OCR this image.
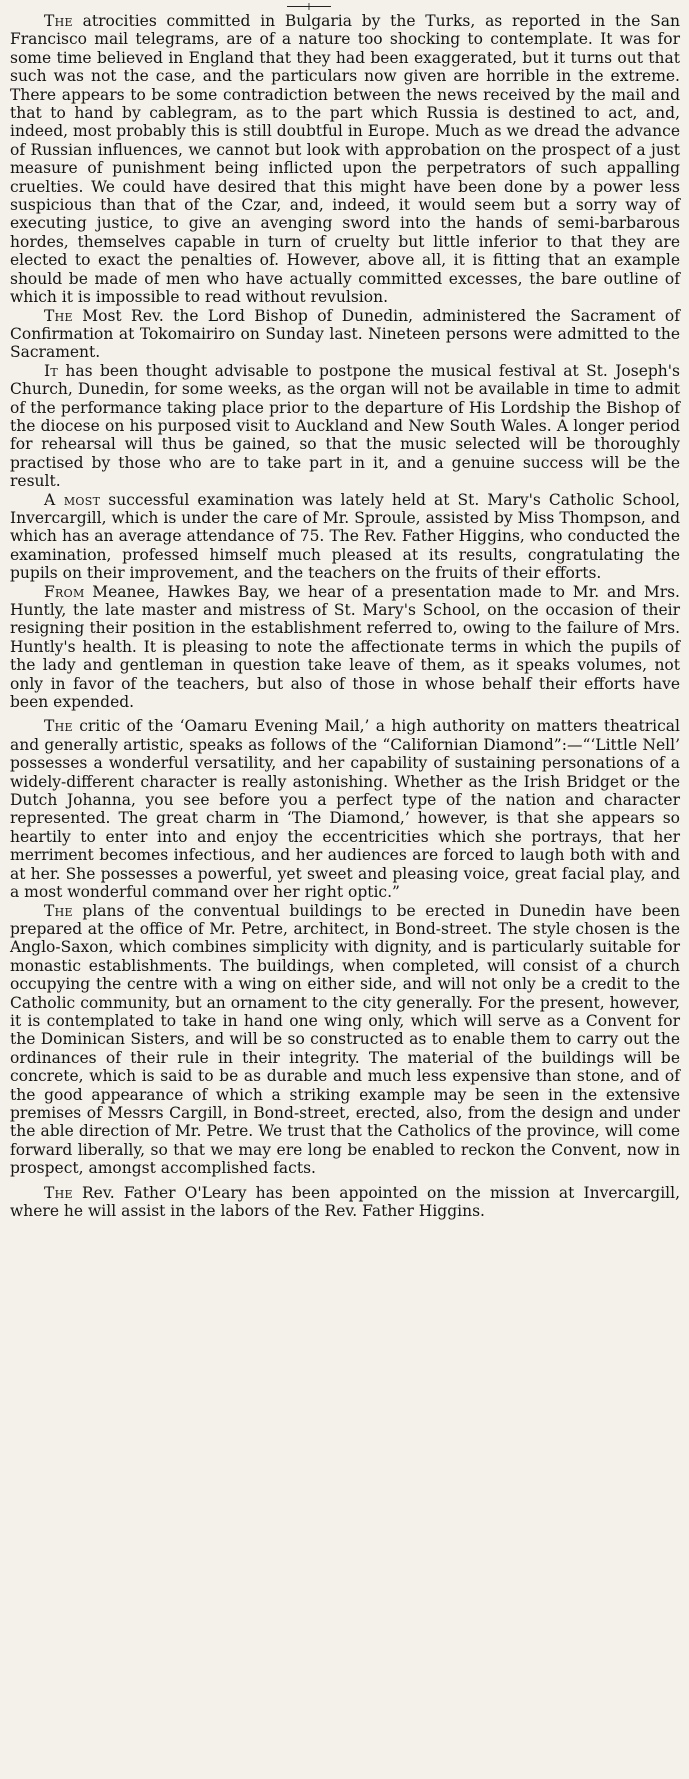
+

The atrocities committed in Bulgaria by the Turks, as reported in the San Francisco mail telegrams, are of a nature too shocking to contemplate. It was for some time believed in England that they had been exaggerated, but it turns out that such was not the case, and the particulars now given are horrible in the extreme. There appears to be some contradiction between the news received by the mail and that to hand by cablegram, as to the part which Russia is destined to act, and, indeed, most probably this is still doubtful in Europe. Much as we dread the advance of Russian influences, we cannot but look with approbation on the prospect of a just measure of punishment being inflicted upon the perpetrators of such appalling cruelties. We could have desired that this might have been done by a power less suspicious than that of the Czar, and, indeed, it would seem but a sorry way of executing justice, to give an avenging sword into the hands of semi-barbarous hordes, themselves capable in turn of cruelty but little inferior to that they are elected to exact the penalties of. However, above all, it is fitting that an example should be made of men who have actually committed excesses, the bare outline of which it is impossible to read without revulsion.

The Most Rev. the Lord Bishop of Dunedin, administered the Sacrament of Confirmation at Tokomairiro on Sunday last. Nineteen persons were admitted to the Sacrament.

It has been thought advisable to postpone the musical festival at St. Joseph's Church, Dunedin, for some weeks, as the organ will not be available in time to admit of the performance taking place prior to the departure of His Lordship the Bishop of the diocese on his purposed visit to Auckland and New South Wales. A longer period for rehearsal will thus be gained, so that the music selected will be thoroughly practised by those who are to take part in it, and a genuine success will be the result.

A most successful examination was lately held at St. Mary's Catholic School, Invercargill, which is under the care of Mr. Sproule, assisted by Miss Thompson, and which has an average attendance of 75. The Rev. Father Higgins, who conducted the examination, professed himself much pleased at its results, congratulating the pupils on their improvement, and the teachers on the fruits of their efforts.

From Meanee, Hawkes Bay, we hear of a presentation made to Mr. and Mrs. Huntly, the late master and mistress of St. Mary's School, on the occasion of their resigning their position in the establishment referred to, owing to the failure of Mrs. Huntly's health. It is pleasing to note the affectionate terms in which the pupils of the lady and gentleman in question take leave of them, as it speaks volumes, not only in favor of the teachers, but also of those in whose behalf their efforts have been expended.

The critic of the ‘Oamaru Evening Mail,’ a high authority on matters theatrical and generally artistic, speaks as follows of the “Californian Diamond”:—“‘Little Nell’ possesses a wonderful versatility, and her capability of sustaining personations of a widely-different character is really astonishing. Whether as the Irish Bridget or the Dutch Johanna, you see before you a perfect type of the nation and character represented. The great charm in ‘The Diamond,’ however, is that she appears so heartily to enter into and enjoy the eccentricities which she portrays, that her merriment becomes infectious, and her audiences are forced to laugh both with and at her. She possesses a powerful, yet sweet and pleasing voice, great facial play, and a most wonderful command over her right optic.”

The plans of the conventual buildings to be erected in Dunedin have been prepared at the office of Mr. Petre, architect, in Bond-street. The style chosen is the Anglo-Saxon, which combines simplicity with dignity, and is particularly suitable for monastic establishments. The buildings, when completed, will consist of a church occupying the centre with a wing on either side, and will not only be a credit to the Catholic community, but an ornament to the city generally. For the present, however, it is contemplated to take in hand one wing only, which will serve as a Convent for the Dominican Sisters, and will be so constructed as to enable them to carry out the ordinances of their rule in their integrity. The material of the buildings will be concrete, which is said to be as durable and much less expensive than stone, and of the good appearance of which a striking example may be seen in the extensive premises of Messrs Cargill, in Bond-street, erected, also, from the design and under the able direction of Mr. Petre. We trust that the Catholics of the province, will come forward liberally, so that we may ere long be enabled to reckon the Convent, now in prospect, amongst accomplished facts.

The Rev. Father O'Leary has been appointed on the mission at Invercargill, where he will assist in the labors of the Rev. Father Higgins.
